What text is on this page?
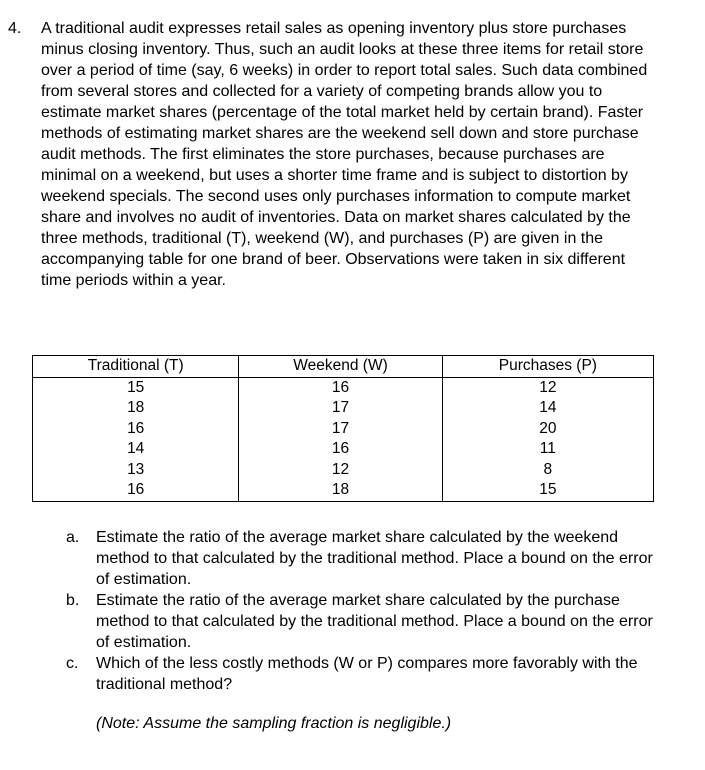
4. A traditional audit expresses retail sales as opening inventory plus store purchases minus closing inventory. Thus, such an audit looks at these three items for retail store over a period of time (say, 6 weeks) in order to report total sales. Such data combined from several stores and collected for a variety of competing brands allow you to estimate market shares (percentage of the total market held by certain brand). Faster methods of estimating market shares are the weekend sell down and store purchase audit methods. The first eliminates the store purchases, because purchases are minimal on a weekend, but uses a shorter time frame and is subject to distortion by weekend specials. The second uses only purchases information to compute market share and involves no audit of inventories. Data on market shares calculated by the three methods, traditional (T), weekend (W), and purchases (P) are given in the accompanying table for one brand of beer. Observations were taken in six different time periods within a year.
Traditional (T)	Weekend (W)	Purchases (P)
15	16	12
18	17	14
16	17	20
14	16	11
13	12	8
16	18	15
a. Estimate the ratio of the average market share calculated by the weekend method to that calculated by the traditional method. Place a bound on the error of estimation.
b. Estimate the ratio of the average market share calculated by the purchase method to that calculated by the traditional method. Place a bound on the error of estimation.
c. Which of the less costly methods (W or P) compares more favorably with the traditional method?
(Note: Assume the sampling fraction is negligible.)
